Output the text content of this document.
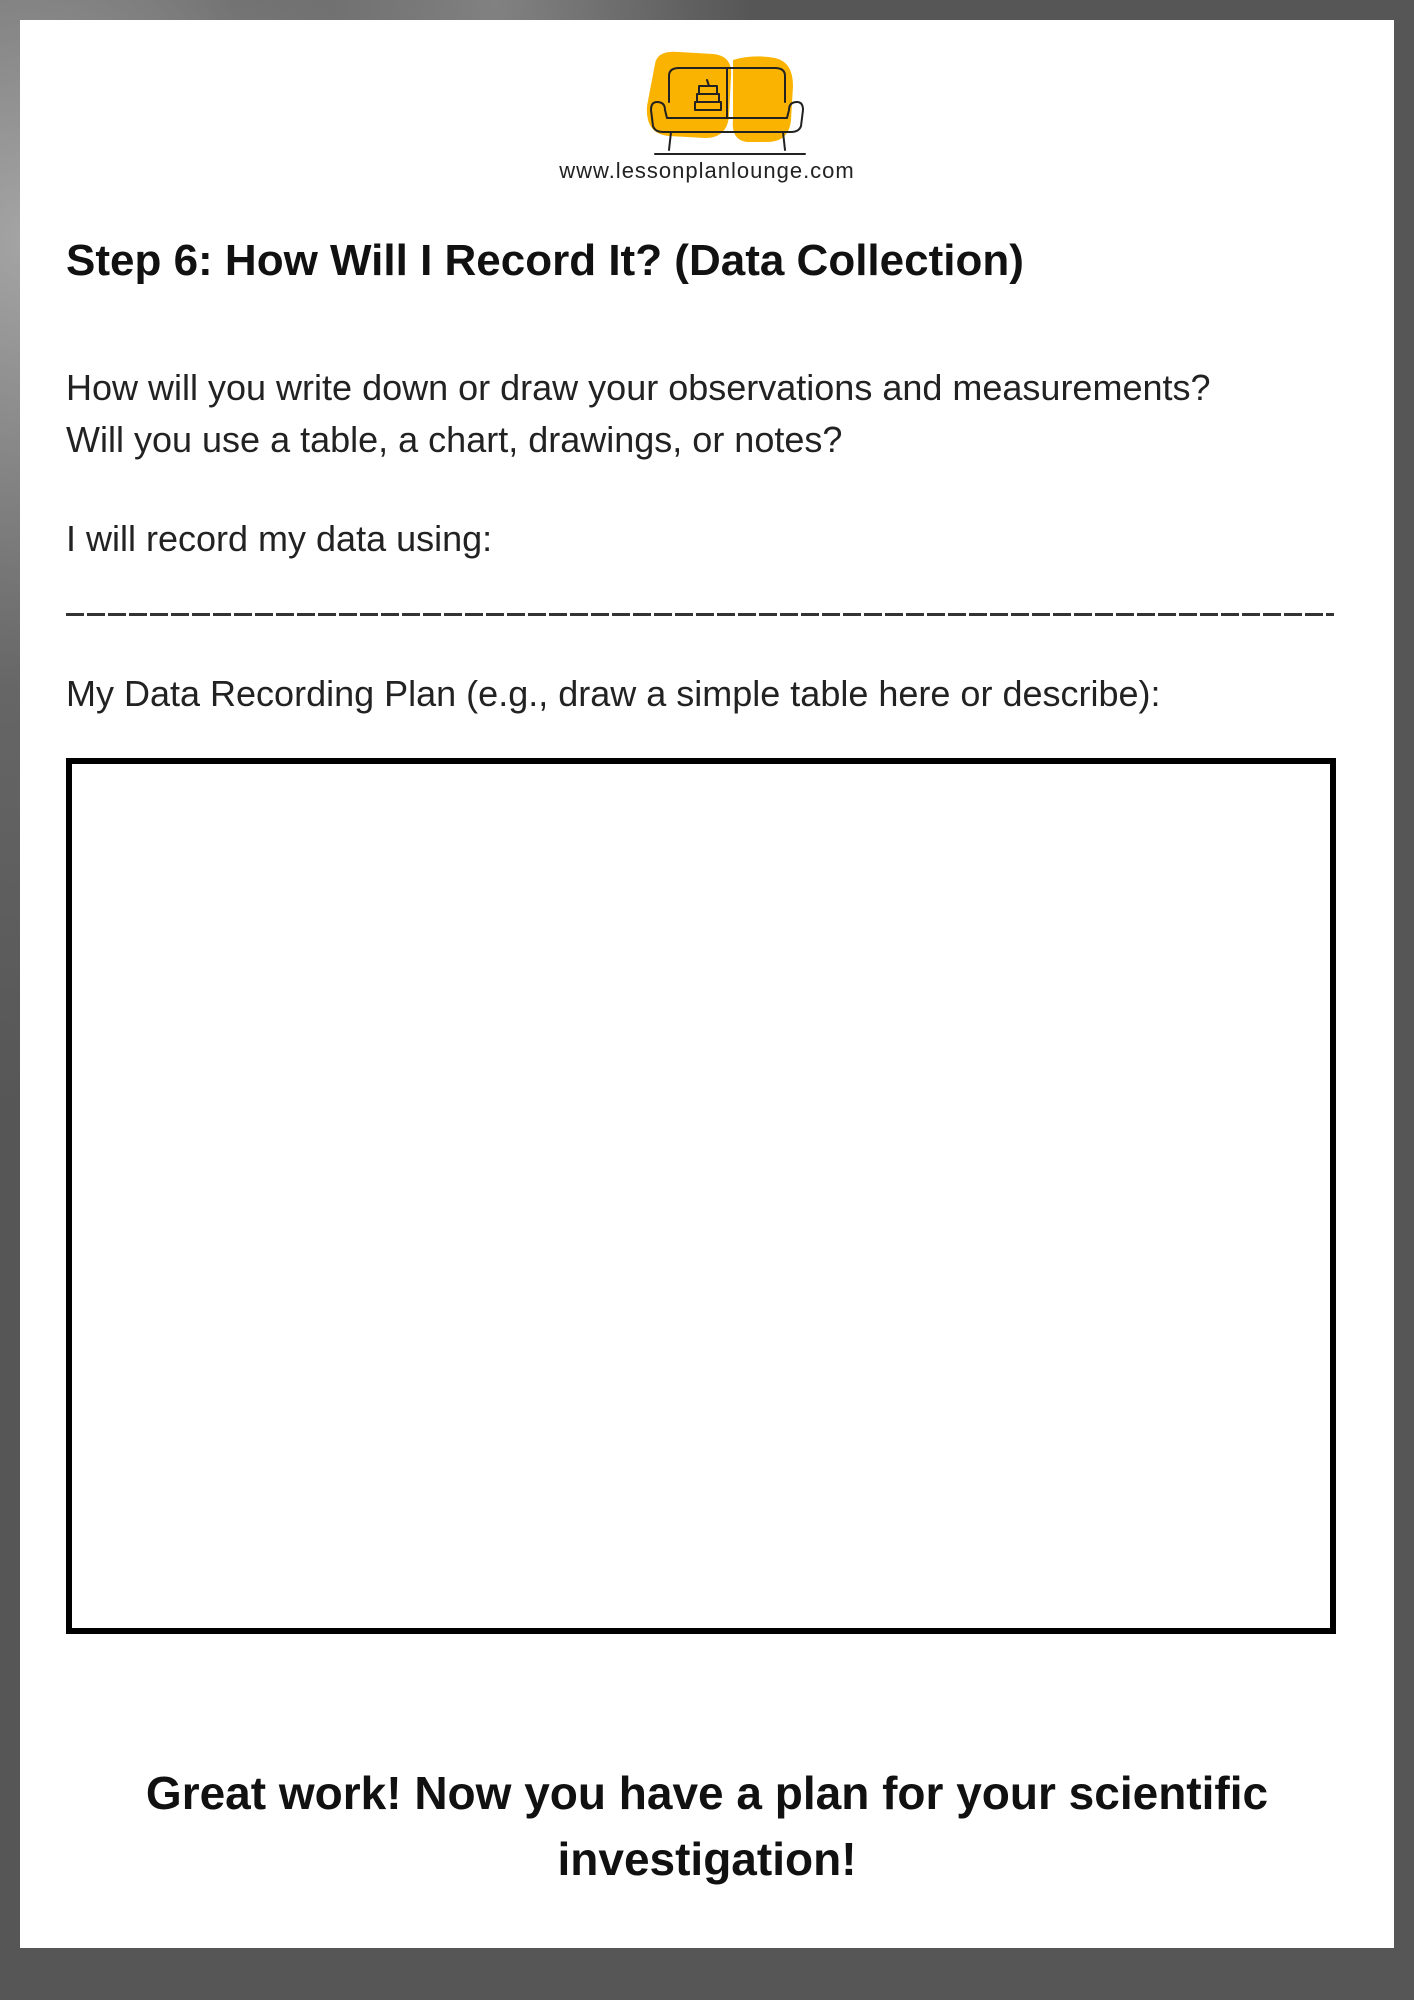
www.lessonplanlounge.com
Step 6: How Will I Record It? (Data Collection)
How will you write down or draw your observations and measurements?
Will you use a table, a chart, drawings, or notes?
I will record my data using:
My Data Recording Plan (e.g., draw a simple table here or describe):
Great work! Now you have a plan for your scientific investigation!
